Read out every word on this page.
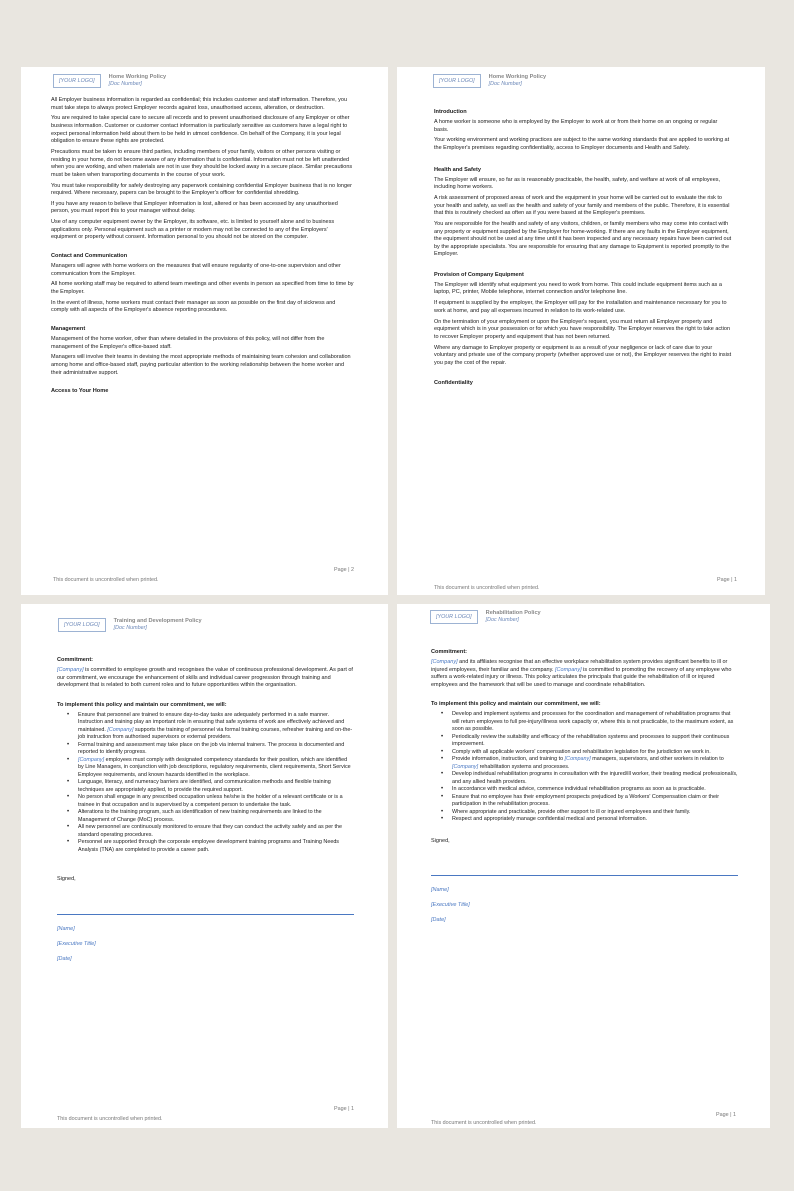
[YOUR LOGO]
Home Working Policy
[Doc Number]

All Employer business information is regarded as confidential; this includes customer and staff information. Therefore, you must take steps to always protect Employer records against loss, unauthorised access, alteration, or destruction.

You are required to take special care to secure all records and to prevent unauthorised disclosure of any Employer or other business information. Customer or customer contact information is particularly sensitive as customers have a legal right to expect personal information held about them to be held in utmost confidence. On behalf of the Company, it is your legal obligation to ensure these rights are protected.

Precautions must be taken to ensure third parties, including members of your family, visitors or other persons visiting or residing in your home, do not become aware of any information that is confidential. Information must not be left unattended when you are working, and when materials are not in use they should be locked away in a secure place. Similar precautions must be taken when transporting documents in the course of your work.

You must take responsibility for safely destroying any paperwork containing confidential Employer business that is no longer required. Where necessary, papers can be brought to the Employer's officer for confidential shredding.

If you have any reason to believe that Employer information is lost, altered or has been accessed by any unauthorised person, you must report this to your manager without delay.

Use of any computer equipment owner by the Employer, its software, etc. is limited to yourself alone and to business applications only. Personal equipment such as a printer or modem may not be connected to any of the Employers' equipment or property without consent. Information personal to you should not be stored on the computer.

Contact and Communication

Managers will agree with home workers on the measures that will ensure regularity of one-to-one supervision and other communication from the Employer.

All home working staff may be required to attend team meetings and other events in person as specified from time to time by the Employer.

In the event of illness, home workers must contact their manager as soon as possible on the first day of sickness and comply with all aspects of the Employer's absence reporting procedures.

Management

Management of the home worker, other than where detailed in the provisions of this policy, will not differ from the management of the Employer's office-based staff.

Managers will involve their teams in devising the most appropriate methods of maintaining team cohesion and collaboration among home and office-based staff, paying particular attention to the working relationship between the home worker and their administrative support.

Access to Your Home
Page | 2
This document is uncontrolled when printed.
[YOUR LOGO]
Home Working Policy
[Doc Number]
Introduction

A home worker is someone who is employed by the Employer to work at or from their home on an ongoing or regular basis.

Your working environment and working practices are subject to the same working standards that are applied to working at the Employer's premises regarding confidentiality, access to Employer documents and Health and Safety.

Health and Safety

The Employer will ensure, so far as is reasonably practicable, the health, safety, and welfare at work of all employees, including home workers.

A risk assessment of proposed areas of work and the equipment in your home will be carried out to evaluate the risk to your health and safety, as well as the health and safety of your family and members of the public. Therefore, it is essential that this is routinely checked as often as if you were based at the Employer's premises.

You are responsible for the health and safety of any visitors, children, or family members who may come into contact with any property or equipment supplied by the Employer for home-working. If there are any faults in the Employer equipment, the equipment should not be used at any time until it has been inspected and any necessary repairs have been carried out by the appropriate specialists. You are responsible for ensuring that any damage to Equipment is reported promptly to the Employer.

Provision of Company Equipment

The Employer will identify what equipment you need to work from home. This could include equipment items such as a laptop, PC, printer, Mobile telephone, internet connection and/or telephone line.

If equipment is supplied by the employer, the Employer will pay for the installation and maintenance necessary for you to work at home, and pay all expenses incurred in relation to its work-related use.

On the termination of your employment or upon the Employer's request, you must return all Employer property and equipment which is in your possession or for which you have responsibility. The Employer reserves the right to take action to recover Employer property and equipment that has not been returned.

Where any damage to Employer property or equipment is as a result of your negligence or lack of care due to your voluntary and private use of the company property (whether approved use or not), the Employer reserves the right to insist you pay the cost of the repair.

Confidentiality
Page | 1
This document is uncontrolled when printed.
[YOUR LOGO]
Training and Development Policy
[Doc Number]
Commitment:

[Company] is committed to employee growth and recognises the value of continuous professional development. As part of our commitment, we encourage the enhancement of skills and individual career progression through training and development that is related to both current roles and to future opportunities within the organisation.

To implement this policy and maintain our commitment, we will:
• Ensure that personnel are trained to ensure day-to-day tasks are adequately performed in a safe manner. Instruction and training play an important role in ensuring that safe systems of work are effectively achieved and maintained. [Company] supports the training of personnel via formal training courses, refresher training and on-the-job instruction from authorised supervisors or external providers.
• Formal training and assessment may take place on the job via internal trainers. The process is documented and reported to identify progress.
• [Company] employees must comply with designated competency standards for their position, which are identified by Line Managers, in conjunction with job descriptions, regulatory requirements, client requirements, Short Service Employee requirements, and known hazards identified in the workplace.
• Language, literacy, and numeracy barriers are identified, and communication methods and flexible training techniques are appropriately applied, to provide the required support.
• No person shall engage in any prescribed occupation unless he/she is the holder of a relevant certificate or is a trainee in that occupation and is supervised by a competent person to undertake the task.
• Alterations to the training program, such as identification of new training requirements are linked to the Management of Change (MoC) process.
• All new personnel are continuously monitored to ensure that they can conduct the activity safely and as per the standard operating procedures.
• Personnel are supported through the corporate employee development training programs and Training Needs Analysis (TNA) are completed to provide a career path.

Signed,

[Name]
[Executive Title]
[Date]
Page | 1
This document is uncontrolled when printed.
[YOUR LOGO]
Rehabilitation Policy
[Doc Number]
Commitment:

[Company] and its affiliates recognise that an effective workplace rehabilitation system provides significant benefits to ill or injured employees, their familiar and the company. [Company] is committed to promoting the recovery of any employee who suffers a work-related injury or illness. This policy articulates the principals that guide the rehabilitation of ill or injured employees and the framework that will be used to manage and coordinate rehabilitation.

To implement this policy and maintain our commitment, we will:
• Develop and implement systems and processes for the coordination and management of rehabilitation programs that will return employees to full pre-injury/illness work capacity or, where this is not practicable, to the maximum extent, as soon as possible.
• Periodically review the suitability and efficacy of the rehabilitation systems and processes to support their continuous improvement.
• Comply with all applicable workers' compensation and rehabilitation legislation for the jurisdiction we work in.
• Provide information, instruction, and training to [Company] managers, supervisors, and other workers in relation to [Company] rehabilitation systems and processes.
• Develop individual rehabilitation programs in consultation with the injured/ill worker, their treating medical professional/s, and any allied health providers.
• In accordance with medical advice, commence individual rehabilitation programs as soon as is practicable.
• Ensure that no employee has their employment prospects prejudiced by a Workers' Compensation claim or their participation in the rehabilitation process.
• Where appropriate and practicable, provide other support to ill or injured employees and their family.
• Respect and appropriately manage confidential medical and personal information.

Signed,

[Name]
[Executive Title]
[Date]
Page | 1
This document is uncontrolled when printed.
